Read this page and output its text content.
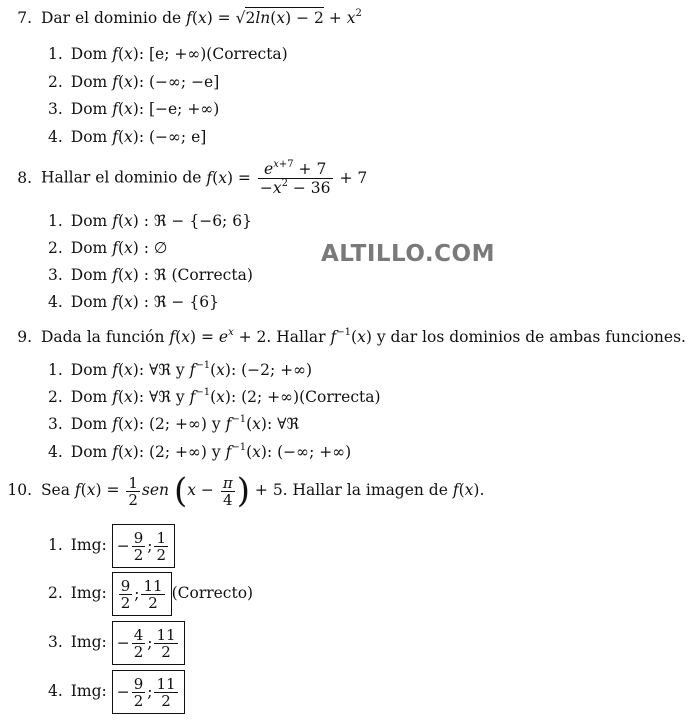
ALTILLO.COM
7. Dar el dominio de $f(x) = √2\ln(x) - 2 + x^2$
1. Dom f(x): [e; +∞)(Correcta)
2. Dom f(x): (−∞; −e]
3. Dom f(x): [−e; +∞)
4. Dom f(x): (−∞; e]
8. Hallar el dominio de $f(x) = \frac{e^{x+7} + 7}{-x^2 - 36} + 7$
1. Dom f(x) : ℜ − {−6; 6}
2. Dom f(x) : ∅
3. Dom f(x) : ℜ (Correcta)
4. Dom f(x) : ℜ − {6}
9. Dada la función $f(x) = e^x + 2$. Hallar $f^{-1}(x)$ y dar los dominios de ambas funciones.
1. Dom f(x): ∀ℜ y $f^{-1}(x)$: (−2; +∞)
2. Dom f(x): ∀ℜ y $f^{-1}(x)$: (2; +∞)(Correcta)
3. Dom f(x): (2; +∞) y $f^{-1}(x)$: ∀ℜ
4. Dom f(x): (2; +∞) y $f^{-1}(x)$: (−∞; +∞)
10. Sea $f(x) = \frac{1}{2}$ sen ($x - \frac{\pi}{4}$ ) + 5. Hallar la imagen de f(x).
1. Img: − $\frac{9}{2}$ ; $\frac{1}{2}$
2. Img: $\frac{9}{2}$ ; $\frac{11}{2}$ (Correcto)
3. Img: − $\frac{4}{2}$ ; $\frac{11}{2}$
4. Img: − $\frac{9}{2}$ ; $\frac{11}{2}$
